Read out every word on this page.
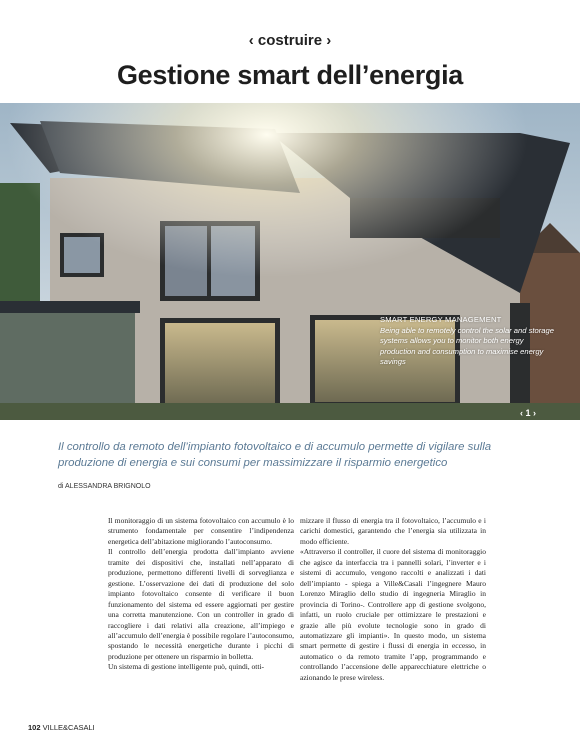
‹ costruire ›
Gestione smart dell’energia
SMART ENERGY MANAGEMENT
Being able to remotely control the solar and storage systems allows you to monitor both energy production and consumption to maximise energy savings
‹ 1 ›

Il controllo da remoto dell’impianto fotovoltaico e di accumulo permette di vigilare sulla produzione di energia e sui consumi per massimizzare il risparmio energetico

di ALESSANDRA BRIGNOLO

Il monitoraggio di un sistema fotovoltaico con accumulo è lo strumento fondamentale per consentire l’indipendenza energetica dell’abitazione migliorando l’autoconsumo.

Il controllo dell’energia prodotta dall’impianto avviene tramite dei dispositivi che, installati nell’apparato di produzione, permettono differenti livelli di sorveglianza e gestione. L’osservazione dei dati di produzione del solo impianto fotovoltaico consente di verificare il buon funzionamento del sistema ed essere aggiornati per gestire una corretta manutenzione. Con un controller in grado di raccogliere i dati relativi alla creazione, all’impiego e all’accumulo dell’energia è possibile regolare l’autoconsumo, spostando le necessità energetiche durante i picchi di produzione per ottenere un risparmio in bolletta.

Un sistema di gestione intelligente può, quindi, otti-

mizzare il flusso di energia tra il fotovoltaico, l’accumulo e i carichi domestici, garantendo che l’energia sia utilizzata in modo efficiente.

«Attraverso il controller, il cuore del sistema di monitoraggio che agisce da interfaccia tra i pannelli solari, l’inverter e i sistemi di accumulo, vengono raccolti e analizzati i dati dell’impianto - spiega a Ville&Casali l’ingegnere Mauro Lorenzo Miraglio dello studio di ingegneria Miraglio in provincia di Torino-. Controllere app di gestione svolgono, infatti, un ruolo cruciale per ottimizzare le prestazioni e grazie alle più evolute tecnologie sono in grado di automatizzare gli impianti». In questo modo, un sistema smart permette di gestire i flussi di energia in eccesso, in automatico o da remoto tramite l’app, programmando e controllando l’accensione delle apparecchiature elettriche o azionando le prese wireless.

102 VILLE&CASALI
